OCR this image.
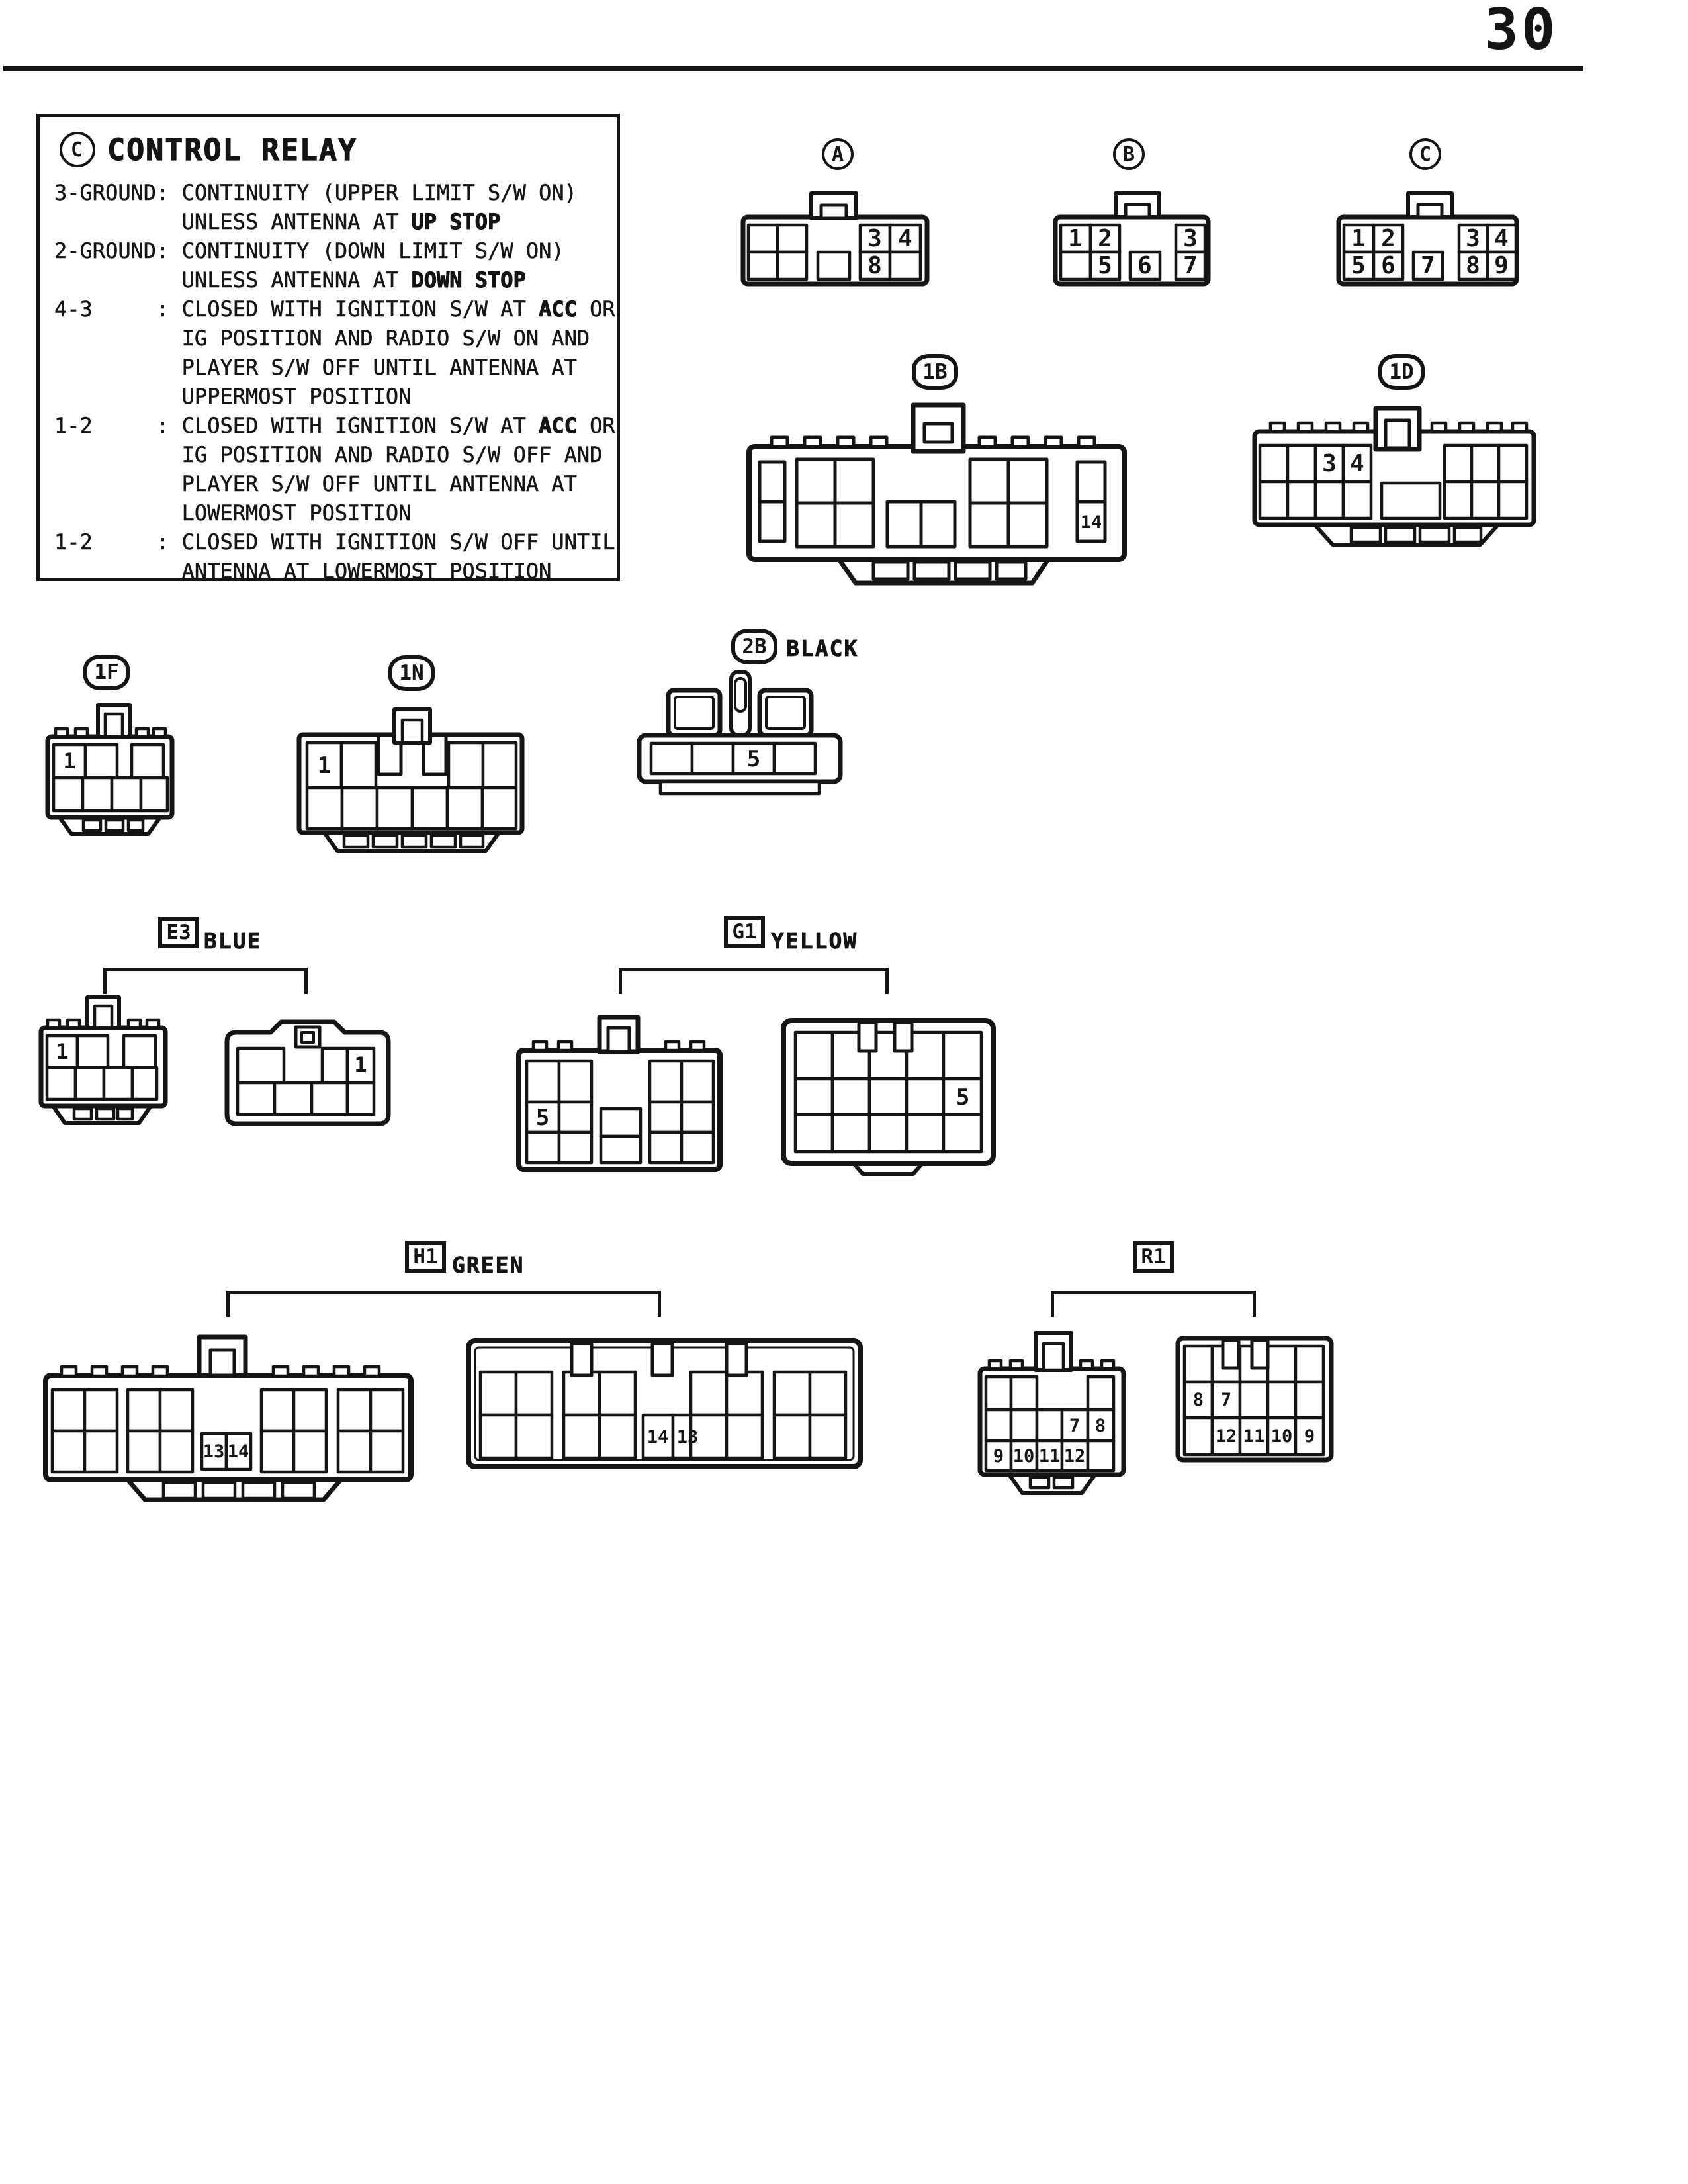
30
C CONTROL RELAY
3-GROUND: CONTINUITY (UPPER LIMIT S/W ON)
UNLESS ANTENNA AT UP STOP
2-GROUND: CONTINUITY (DOWN LIMIT S/W ON)
UNLESS ANTENNA AT DOWN STOP
4-3     : CLOSED WITH IGNITION S/W AT ACC OR
IG POSITION AND RADIO S/W ON AND
PLAYER S/W OFF UNTIL ANTENNA AT
UPPERMOST POSITION
1-2     : CLOSED WITH IGNITION S/W AT ACC OR
IG POSITION AND RADIO S/W OFF AND
PLAYER S/W OFF UNTIL ANTENNA AT
LOWERMOST POSITION
1-2     : CLOSED WITH IGNITION S/W OFF UNTIL
ANTENNA AT LOWERMOST POSITION
A	B	C
3 4
8
1 2	3
5 6 7
1 2	3 4
5 6 7 8 9
1B	1D
14
3 4
1F	1N
2B BLACK
1	1	5
E3 BLUE
1
1
G1 YELLOW
5
5
H1 GREEN
13 14
14 13
R1
7 8
9 10 11 12
8 7
12 11 10 9
